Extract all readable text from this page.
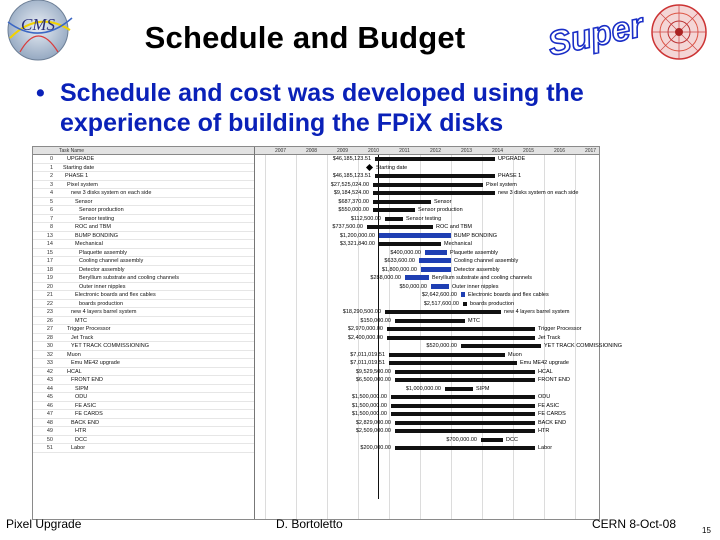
CMS	Schedule and Budget	Super
• Schedule and cost was developed using the experience of building the FPiX disks
Task Name
0	UPGRADE
1 Starting date
2 PHASE 1
3	Pixel system
4	new 3 disks system on each side
5	Sensor
6	Sensor production
7	Sensor testing
8	ROC and TBM
13	BUMP BONDING
14	Mechanical
15	Plaquette assembly
17	Cooling channel assembly
18	Detector assembly
19	Beryllium substrate and cooling channels
20	Outer inner nipples
21	Electronic boards and flex cables
22	boards production
23	new 4 layers barrel system
26	MTC
27	Trigger Processor
28	Jet Track
30	YET TRACK COMMISSIONING
32	Muon
33	Emu ME42 upgrade
42	HCAL
43	FRONT END
44	SIPM
45	ODU
46	FE ASIC
47	FE CARDS
48	BACK END
49	HTR
50	DCC
51	Labor
2007	2008	2009	2010	2011	2012	2013	2014	2015	2016	2017
$46,185,123.51	UPGRADE
Starting date
$46,185,123.51	PHASE 1
$27,525,024.00	Pixel system
$9,184,524.00	new 3 disks system on each side
$687,370.00	Sensor
$550,000.00	Sensor production
$112,500.00	Sensor testing
$737,500.00	ROC and TBM
$1,200,000.00	BUMP BONDING
$3,321,840.00	Mechanical
$400,000.00	Plaquette assembly
$633,600.00	Cooling channel assembly
$1,800,000.00	Detector assembly
$288,000.00	Beryllium substrate and cooling channels
$50,000.00	Outer inner nipples
$2,642,600.00 Electronic boards and flex cables
$2,517,600.00 boards production
$18,290,500.00	new 4 layers barrel system
$150,000.00	MTC
$2,970,000.00	Trigger Processor
$2,400,000.00	Jet Track
$520,000.00	YET TRACK COMMISSIONING
$7,011,019.51	Muon
$7,011,019.51	Emu ME42 upgrade
$9,529,500.00	HCAL
$6,500,000.00	FRONT END
$1,000,000.00	SIPM
$1,500,000.00	ODU
$1,500,000.00	FE ASIC
$1,500,000.00	FE CARDS
$2,829,000.00	BACK END
$2,509,000.00	HTR
$700,000.00	DCC
$200,000.00	Labor
Pixel Upgrade	D. Bortoletto	CERN 8-Oct-08	15
